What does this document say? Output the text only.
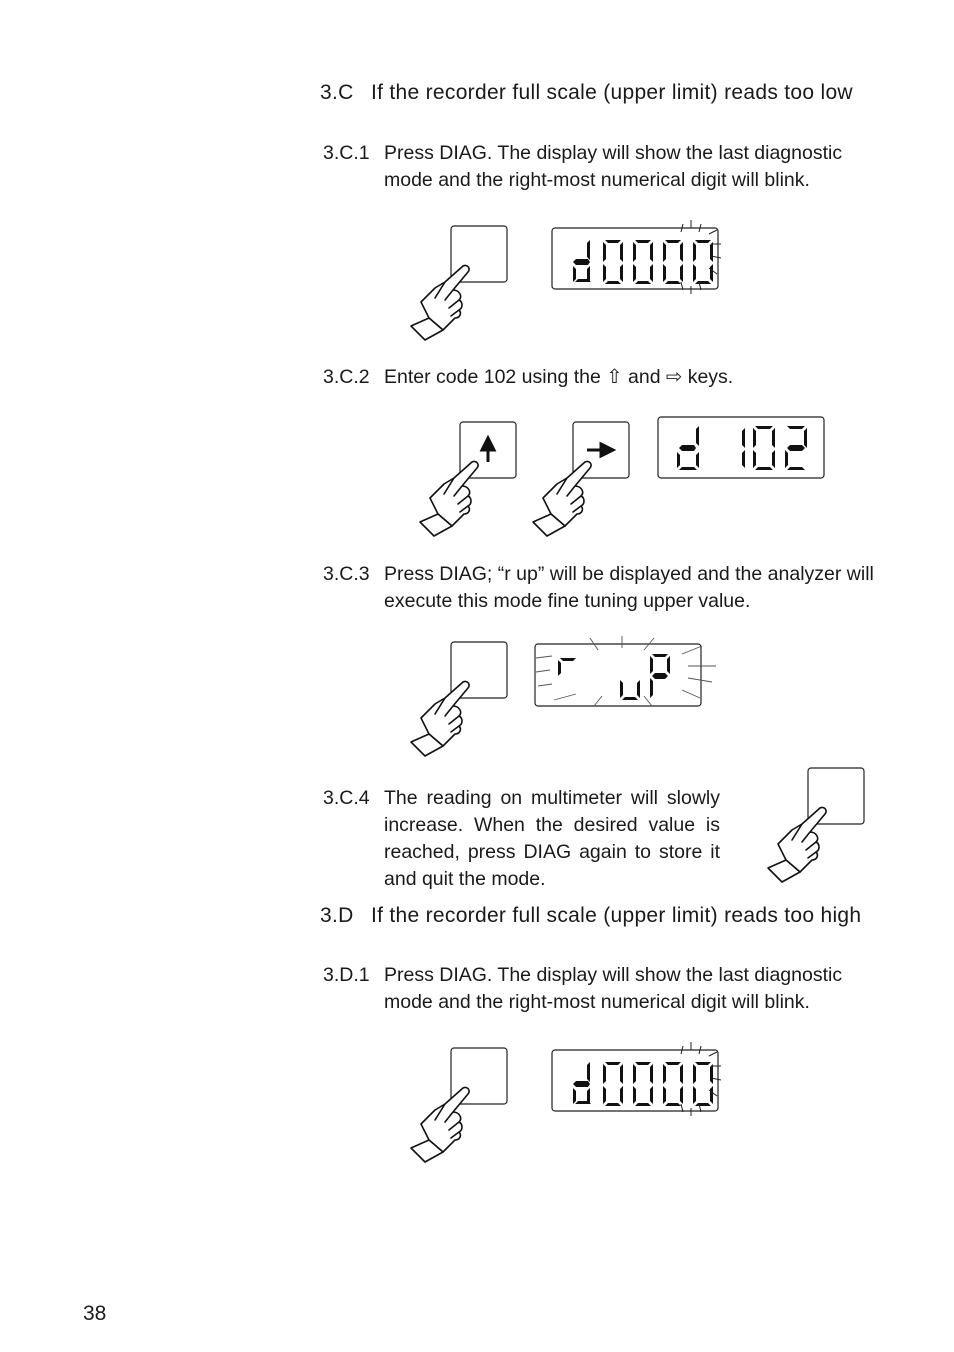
3.C If the recorder full scale (upper limit) reads too low
3.C.1 Press DIAG. The display will show the last diagnostic mode and the right-most numerical digit will blink.
3.C.2 Enter code 102 using the ⇧ and ⇨ keys.
3.C.3 Press DIAG; “r up” will be displayed and the analyzer will execute this mode fine tuning upper value.
3.C.4 The reading on multimeter will slowly increase. When the desired value is reached, press DIAG again to store it and quit the mode.
3.D If the recorder full scale (upper limit) reads too high
3.D.1 Press DIAG. The display will show the last diagnostic mode and the right-most numerical digit will blink.
38
